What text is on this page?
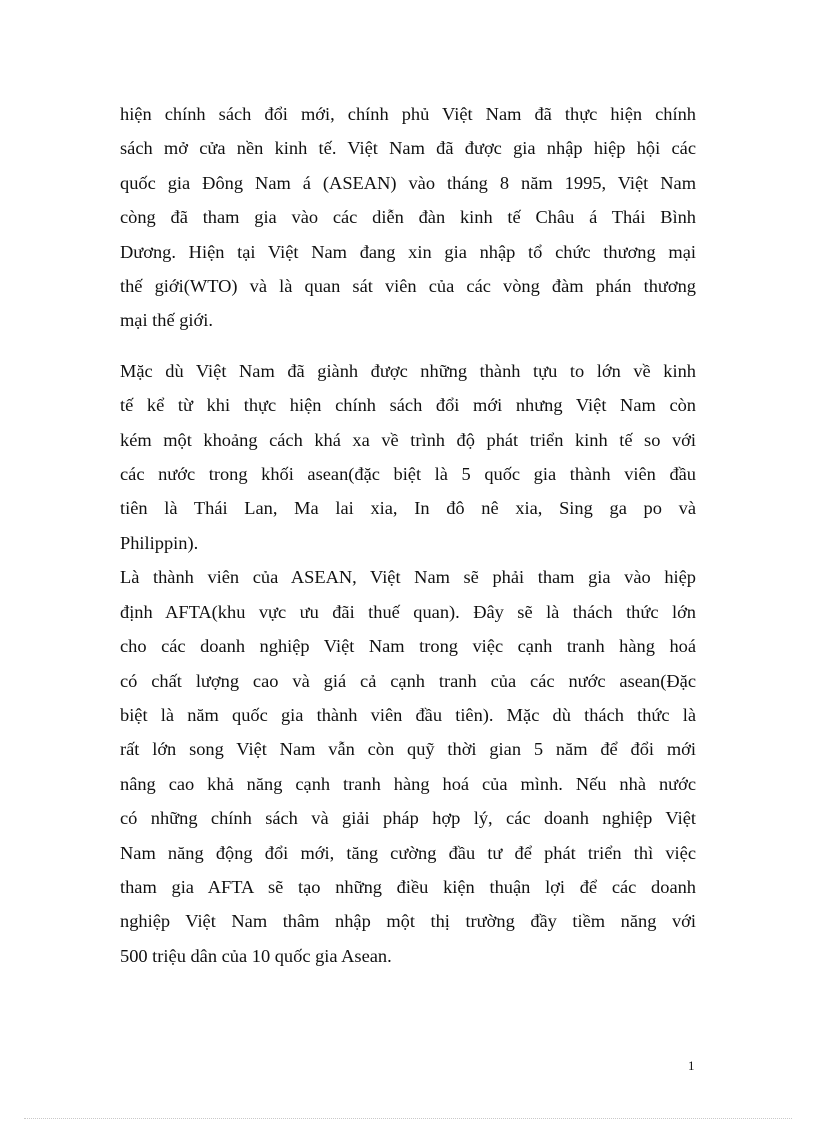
hiện chính sách đổi mới, chính phủ Việt Nam đã thực hiện chính
sách mở cửa nền kinh tế. Việt Nam đã được gia nhập hiệp hội các
quốc gia Đông Nam á (ASEAN) vào tháng 8 năm 1995, Việt Nam
còng đã tham gia vào các diễn đàn kinh tế Châu á Thái Bình
Dương. Hiện tại Việt Nam đang xin gia nhập tổ chức thương mại
thế giới(WTO) và là quan sát viên của các vòng đàm phán thương
mại thế giới.

Mặc dù Việt Nam đã giành được những thành tựu to lớn về kinh
tế kể từ khi thực hiện chính sách đổi mới nhưng Việt Nam còn
kém một khoảng cách khá xa về trình độ phát triển kinh tế so với
các nước trong khối asean(đặc biệt là 5 quốc gia thành viên đầu
tiên là Thái Lan, Ma lai xia, In đô nê xia, Sing ga po và
Philippin).

Là thành viên của ASEAN, Việt Nam sẽ phải tham gia vào hiệp
định AFTA(khu vực ưu đãi thuế quan). Đây sẽ là thách thức lớn
cho các doanh nghiệp Việt Nam trong việc cạnh tranh hàng hoá
có chất lượng cao và giá cả cạnh tranh của các nước asean(Đặc
biệt là năm quốc gia thành viên đầu tiên). Mặc dù thách thức là
rất lớn song Việt Nam vẫn còn quỹ thời gian 5 năm để đổi mới
nâng cao khả năng cạnh tranh hàng hoá của mình. Nếu nhà nước
có những chính sách và giải pháp hợp lý, các doanh nghiệp Việt
Nam năng động đổi mới, tăng cường đầu tư để phát triển thì việc
tham gia AFTA sẽ tạo những điều kiện thuận lợi để các doanh
nghiệp Việt Nam thâm nhập một thị trường đầy tiềm năng với
500 triệu dân của 10 quốc gia Asean.

1
